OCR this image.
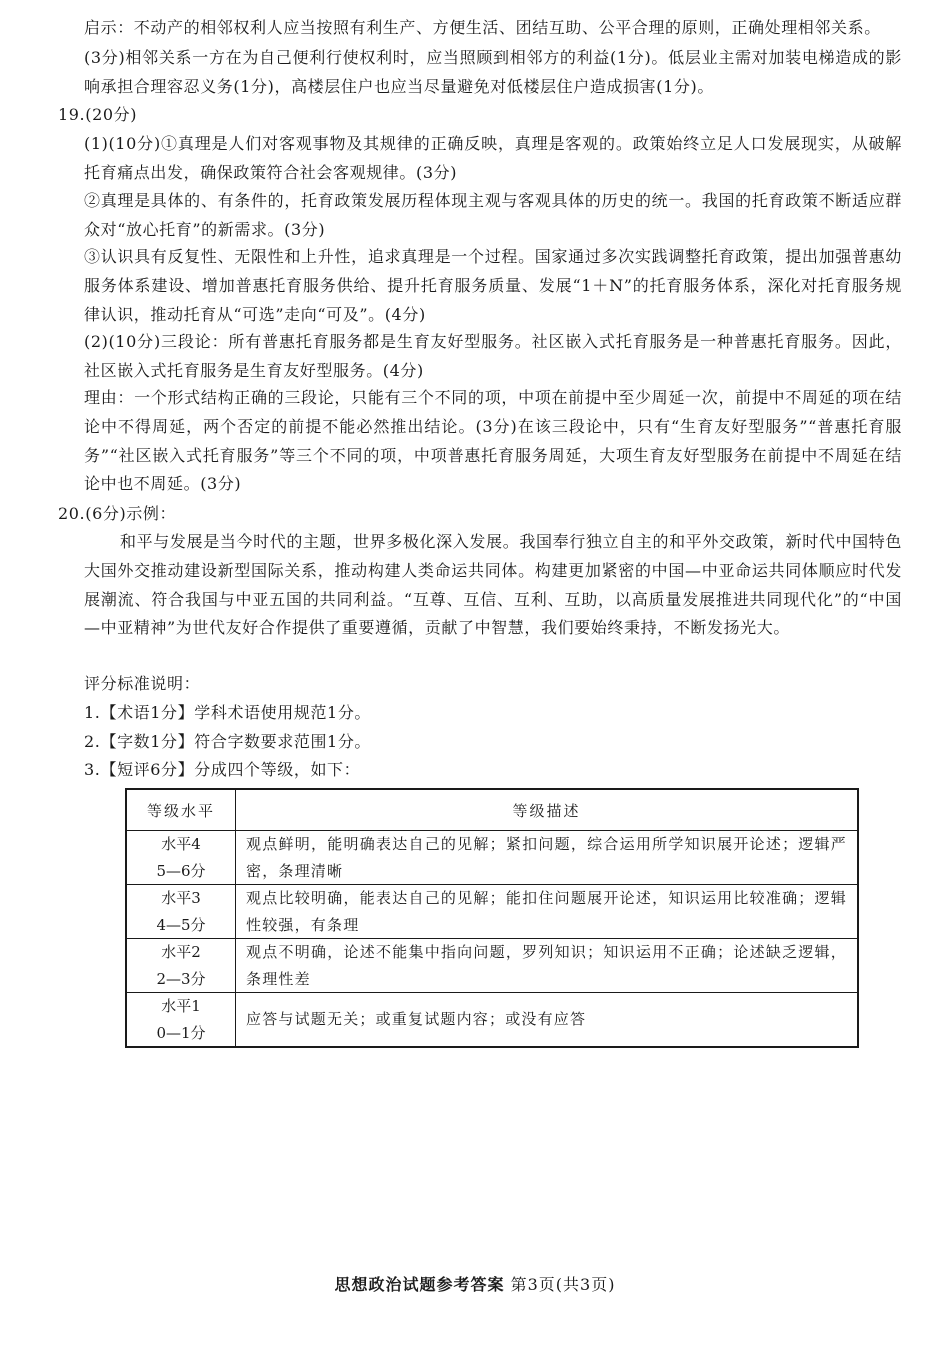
启示：不动产的相邻权利人应当按照有利生产、方便生活、团结互助、公平合理的原则，正确处理相邻关系。

(3分)相邻关系一方在为自己便利行使权利时，应当照顾到相邻方的利益(1分)。低层业主需对加装电梯造成的影响承担合理容忍义务(1分)，高楼层住户也应当尽量避免对低楼层住户造成损害(1分)。

19.(20分)

(1)(10分)①真理是人们对客观事物及其规律的正确反映，真理是客观的。政策始终立足人口发展现实，从破解托育痛点出发，确保政策符合社会客观规律。(3分)

②真理是具体的、有条件的，托育政策发展历程体现主观与客观具体的历史的统一。我国的托育政策不断适应群众对“放心托育”的新需求。(3分)

③认识具有反复性、无限性和上升性，追求真理是一个过程。国家通过多次实践调整托育政策，提出加强普惠幼服务体系建设、增加普惠托育服务供给、提升托育服务质量、发展“1＋N”的托育服务体系，深化对托育服务规律认识，推动托育从“可选”走向“可及”。(4分)

(2)(10分)三段论：所有普惠托育服务都是生育友好型服务。社区嵌入式托育服务是一种普惠托育服务。因此，社区嵌入式托育服务是生育友好型服务。(4分)

理由：一个形式结构正确的三段论，只能有三个不同的项，中项在前提中至少周延一次，前提中不周延的项在结论中不得周延，两个否定的前提不能必然推出结论。(3分)在该三段论中，只有“生育友好型服务”“普惠托育服务”“社区嵌入式托育服务”等三个不同的项，中项普惠托育服务周延，大项生育友好型服务在前提中不周延在结论中也不周延。(3分)

20.(6分)示例：

和平与发展是当今时代的主题，世界多极化深入发展。我国奉行独立自主的和平外交政策，新时代中国特色大国外交推动建设新型国际关系，推动构建人类命运共同体。构建更加紧密的中国—中亚命运共同体顺应时代发展潮流、符合我国与中亚五国的共同利益。“互尊、互信、互利、互助，以高质量发展推进共同现代化”的“中国—中亚精神”为世代友好合作提供了重要遵循，贡献了中智慧，我们要始终秉持，不断发扬光大。

评分标准说明：

1.【术语1分】学科术语使用规范1分。

2.【字数1分】符合字数要求范围1分。

3.【短评6分】分成四个等级，如下：

等级水平	等级描述
水平4
5—6分	观点鲜明，能明确表达自己的见解；紧扣问题，综合运用所学知识展开论述；逻辑严密，条理清晰
水平3
4—5分	观点比较明确，能表达自己的见解；能扣住问题展开论述，知识运用比较准确；逻辑性较强，有条理
水平2
2—3分	观点不明确，论述不能集中指向问题，罗列知识；知识运用不正确；论述缺乏逻辑，条理性差
水平1
0—1分	应答与试题无关；或重复试题内容；或没有应答
思想政治试题参考答案 第3页(共3页)
